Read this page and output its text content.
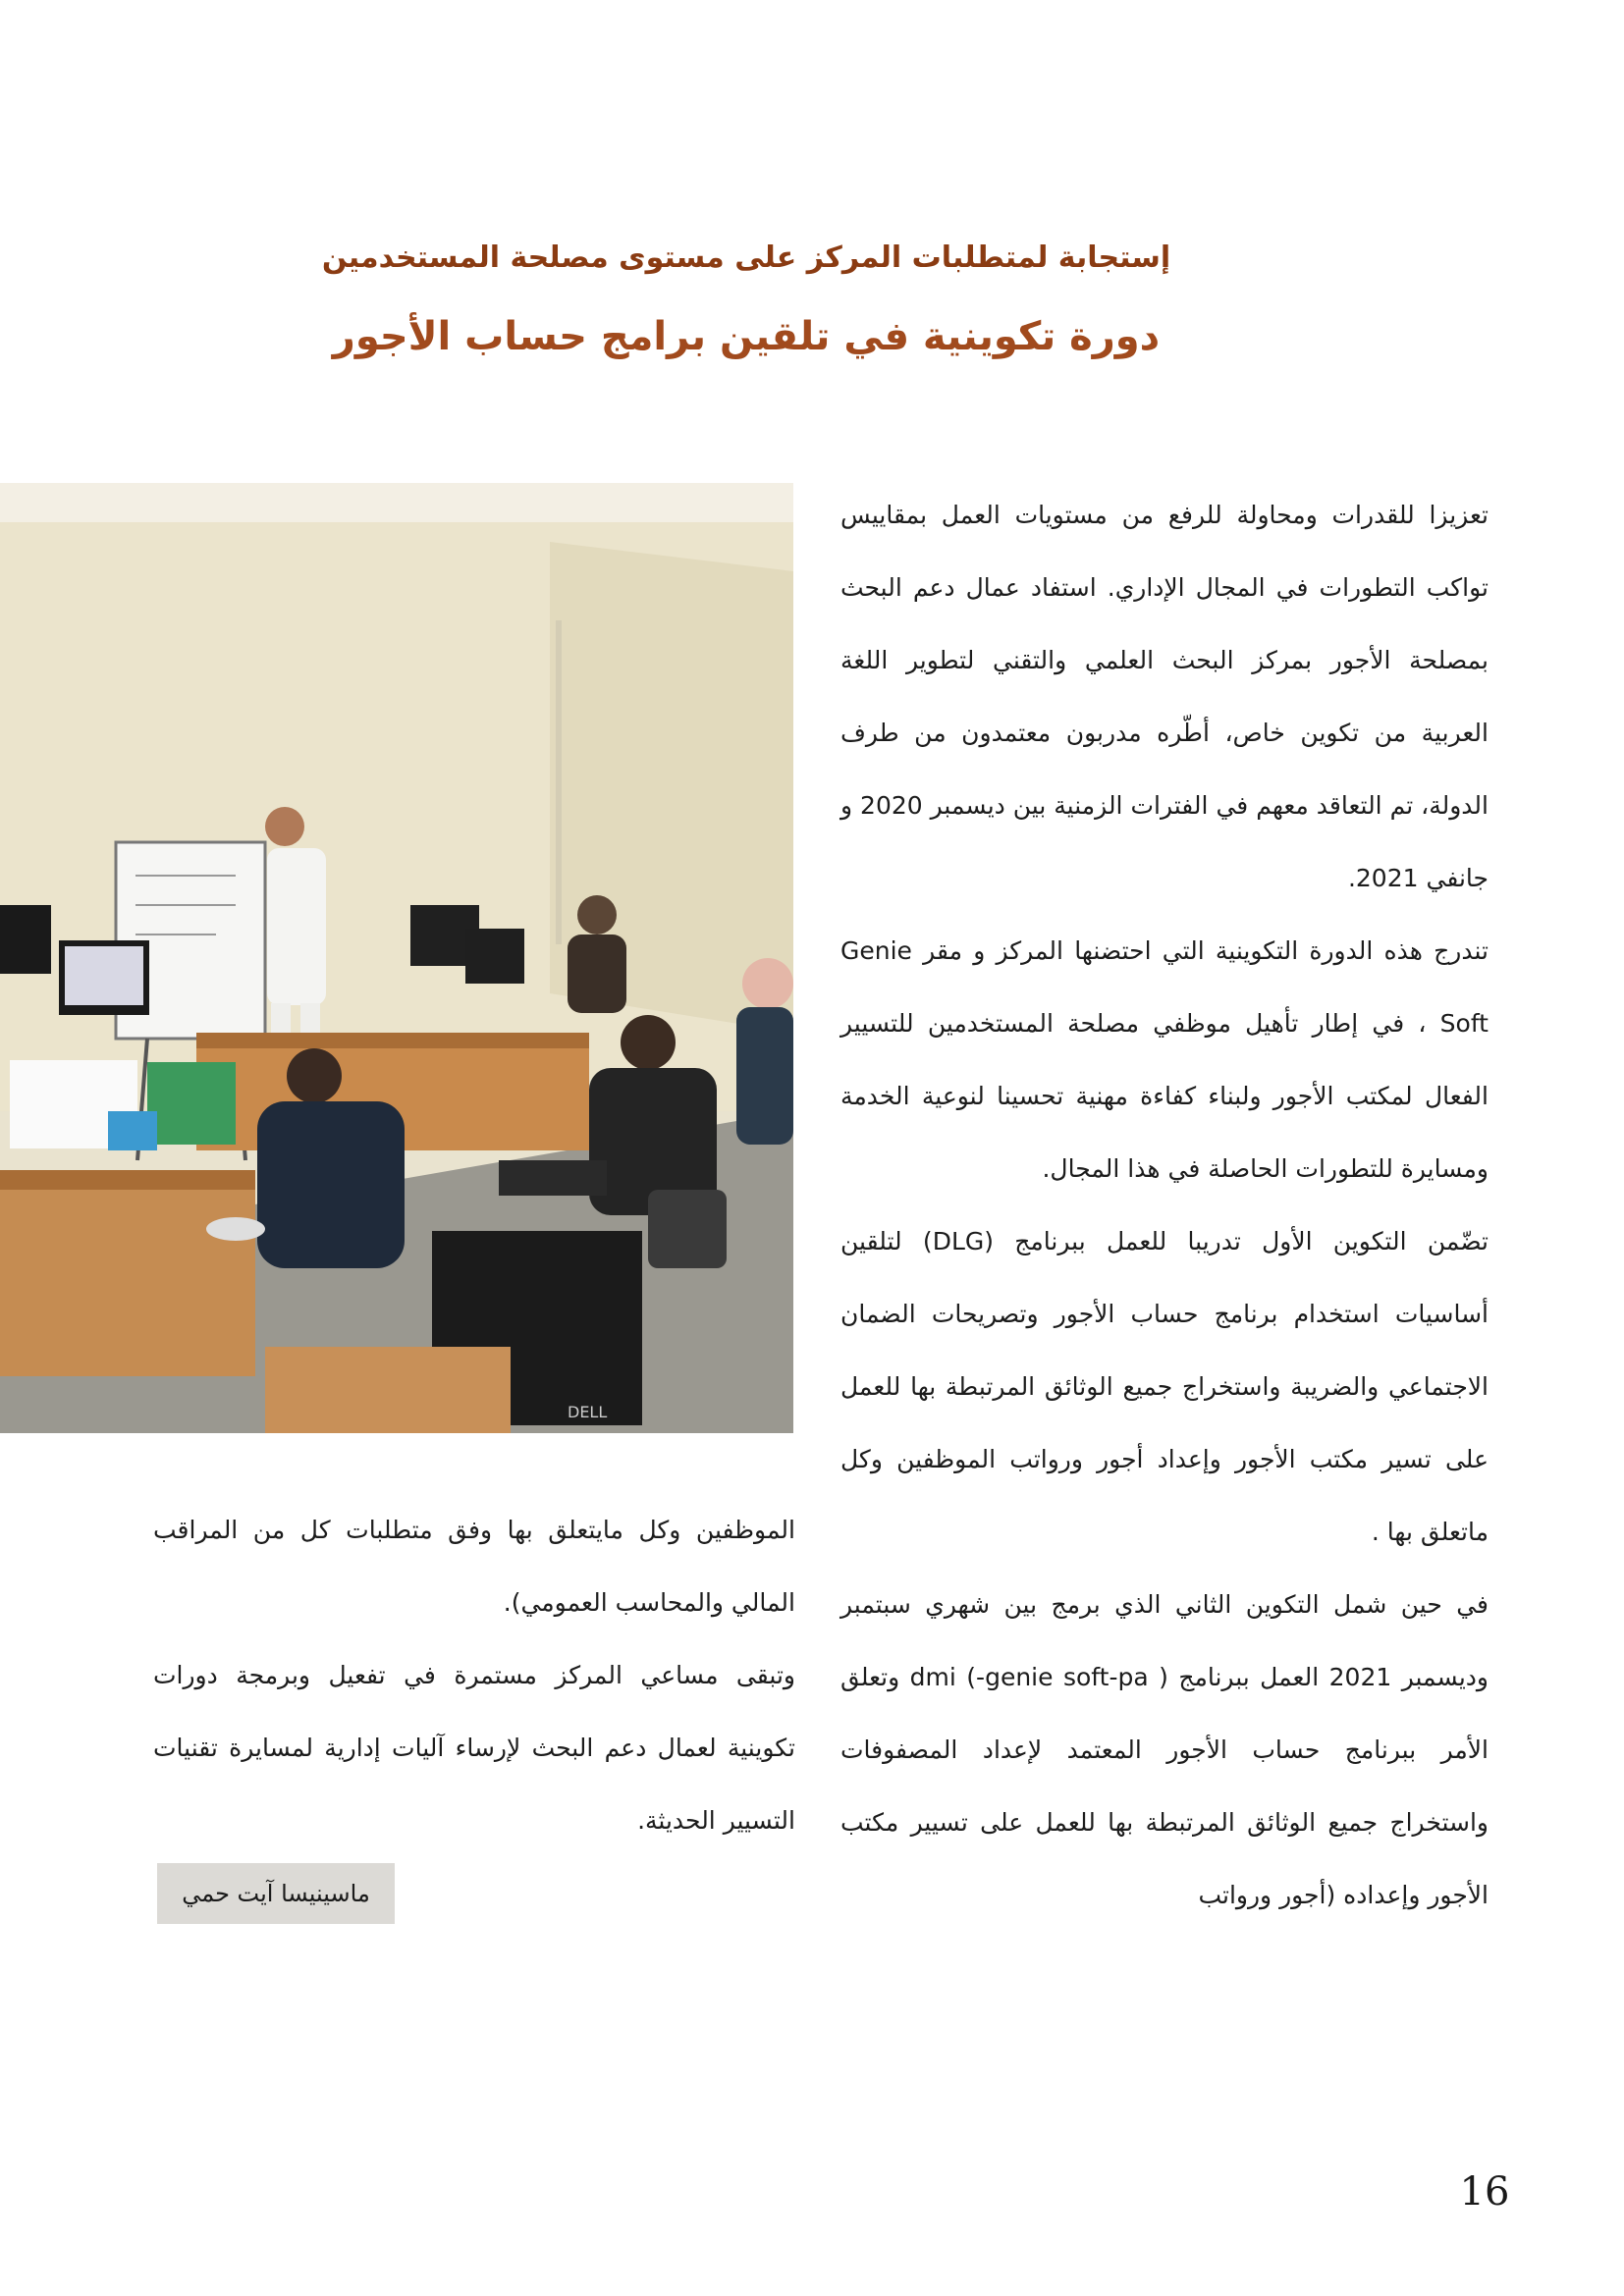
إستجابة لمتطلبات المركز على مستوى مصلحة المستخدمين
دورة تكوينية في تلقين برامج حساب الأجور
DELL

تعزيزا للقدرات ومحاولة للرفع من مستويات العمل بمقاييس تواكب التطورات في المجال الإداري. استفاد عمال دعم البحث بمصلحة الأجور بمركز البحث العلمي والتقني لتطوير اللغة العربية من تكوين خاص، أطّره مدربون معتمدون من طرف الدولة، تم التعاقد معهم في الفترات الزمنية بين ديسمبر 2020 و جانفي 2021.

تندرج هذه الدورة التكوينية التي احتضنها المركز و مقر Genie Soft ، في إطار تأهيل موظفي مصلحة المستخدمين للتسيير الفعال لمكتب الأجور ولبناء كفاءة مهنية تحسينا لنوعية الخدمة ومسايرة للتطورات الحاصلة في هذا المجال.

تضّمن التكوين الأول تدريبا للعمل ببرنامج (DLG) لتلقين أساسيات استخدام برنامج حساب الأجور وتصريحات الضمان الاجتماعي والضريبة واستخراج جميع الوثائق المرتبطة بها للعمل على تسير مكتب الأجور وإعداد أجور ورواتب الموظفين وكل ماتعلق بها .

في حين شمل التكوين الثاني الذي برمج بين شهري سبتمبر وديسمبر 2021 العمل ببرنامج ( genie soft-pa-) dmi وتعلق الأمر ببرنامج حساب الأجور المعتمد لإعداد المصفوفات واستخراج جميع الوثائق المرتبطة بها للعمل على تسيير مكتب الأجور وإعداده (أجور ورواتب

الموظفين وكل مايتعلق بها وفق متطلبات كل من المراقب المالي والمحاسب العمومي).

وتبقى مساعي المركز مستمرة في تفعيل وبرمجة دورات تكوينية لعمال دعم البحث لإرساء آليات إدارية لمسايرة تقنيات التسيير الحديثة.

ماسينيسا آيت حمي
16
